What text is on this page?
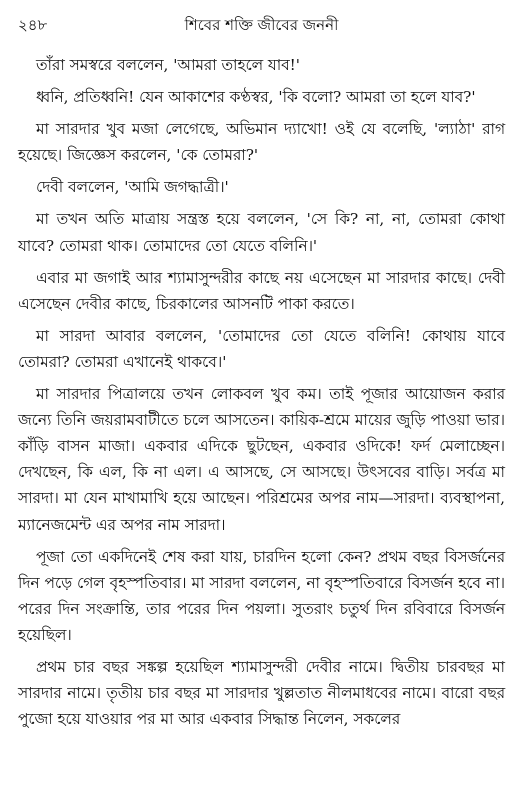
২৪৮	শিবের শক্তি জীবের জননী

তাঁরা সমস্বরে বললেন, 'আমরা তাহলে যাব!'

ধ্বনি, প্রতিধ্বনি! যেন আকাশের কণ্ঠস্বর, 'কি বলো? আমরা তা হলে যাব?'

মা সারদার খুব মজা লেগেছে, অভিমান দ্যাখো! ওই যে বলেছি, 'ল্যাঠা' রাগ হয়েছে। জিজ্ঞেস করলেন, 'কে তোমরা?'

দেবী বললেন, 'আমি জগদ্ধাত্রী।'

মা তখন অতি মাত্রায় সন্ত্রস্ত হয়ে বললেন, 'সে কি? না, না, তোমরা কোথা যাবে? তোমরা থাক। তোমাদের তো যেতে বলিনি।'

এবার মা জগাই আর শ্যামাসুন্দরীর কাছে নয় এসেছেন মা সারদার কাছে। দেবী এসেছেন দেবীর কাছে, চিরকালের আসনটি পাকা করতে।

মা সারদা আবার বললেন, 'তোমাদের তো যেতে বলিনি! কোথায় যাবে তোমরা? তোমরা এখানেই থাকবে।'

মা সারদার পিত্রালয়ে তখন লোকবল খুব কম। তাই পূজার আয়োজন করার জন্যে তিনি জয়রামবাটীতে চলে আসতেন। কায়িক-শ্রমে মায়ের জুড়ি পাওয়া ভার। কাঁড়ি বাসন মাজা। একবার এদিকে ছুটছেন, একবার ওদিকে! ফর্দ মেলাচ্ছেন। দেখছেন, কি এল, কি না এল। এ আসছে, সে আসছে। উৎসবের বাড়ি। সর্বত্র মা সারদা। মা যেন মাখামাখি হয়ে আছেন। পরিশ্রমের অপর নাম—সারদা। ব্যবস্থাপনা, ম্যানেজমেন্ট এর অপর নাম সারদা।

পূজা তো একদিনেই শেষ করা যায়, চারদিন হলো কেন? প্রথম বছর বিসর্জনের দিন পড়ে গেল বৃহস্পতিবার। মা সারদা বললেন, না বৃহস্পতিবারে বিসর্জন হবে না। পরের দিন সংক্রান্তি, তার পরের দিন পয়লা। সুতরাং চতুর্থ দিন রবিবারে বিসর্জন হয়েছিল।

প্রথম চার বছর সঙ্কল্প হয়েছিল শ্যামাসুন্দরী দেবীর নামে। দ্বিতীয় চারবছর মা সারদার নামে। তৃতীয় চার বছর মা সারদার খুল্লতাত নীলমাধবের নামে। বারো বছর পুজো হয়ে যাওয়ার পর মা আর একবার সিদ্ধান্ত নিলেন, সকলের
